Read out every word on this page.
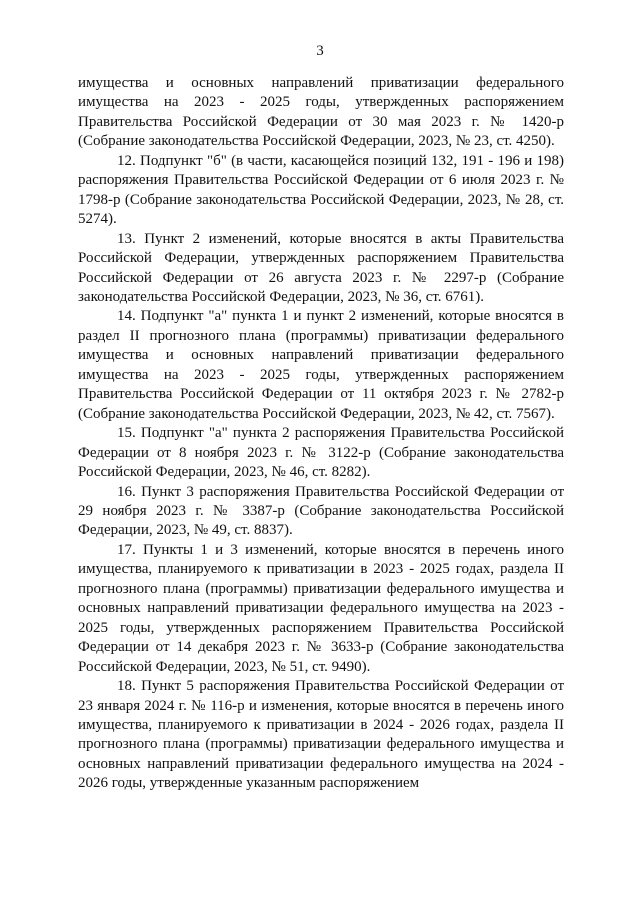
3

имущества и основных направлений приватизации федерального имущества на 2023 - 2025 годы, утвержденных распоряжением Правительства Российской Федерации от 30 мая 2023 г. № 1420-р (Собрание законодательства Российской Федерации, 2023, № 23, ст. 4250).

12. Подпункт "б" (в части, касающейся позиций 132, 191 - 196 и 198) распоряжения Правительства Российской Федерации от 6 июля 2023 г. № 1798-р (Собрание законодательства Российской Федерации, 2023, № 28, ст. 5274).

13. Пункт 2 изменений, которые вносятся в акты Правительства Российской Федерации, утвержденных распоряжением Правительства Российской Федерации от 26 августа 2023 г. № 2297-р (Собрание законодательства Российской Федерации, 2023, № 36, ст. 6761).

14. Подпункт "а" пункта 1 и пункт 2 изменений, которые вносятся в раздел II прогнозного плана (программы) приватизации федерального имущества и основных направлений приватизации федерального имущества на 2023 - 2025 годы, утвержденных распоряжением Правительства Российской Федерации от 11 октября 2023 г. № 2782-р (Собрание законодательства Российской Федерации, 2023, № 42, ст. 7567).

15. Подпункт "а" пункта 2 распоряжения Правительства Российской Федерации от 8 ноября 2023 г. № 3122-р (Собрание законодательства Российской Федерации, 2023, № 46, ст. 8282).

16. Пункт 3 распоряжения Правительства Российской Федерации от 29 ноября 2023 г. № 3387-р (Собрание законодательства Российской Федерации, 2023, № 49, ст. 8837).

17. Пункты 1 и 3 изменений, которые вносятся в перечень иного имущества, планируемого к приватизации в 2023 - 2025 годах, раздела II прогнозного плана (программы) приватизации федерального имущества и основных направлений приватизации федерального имущества на 2023 - 2025 годы, утвержденных распоряжением Правительства Российской Федерации от 14 декабря 2023 г. № 3633-р (Собрание законодательства Российской Федерации, 2023, № 51, ст. 9490).

18. Пункт 5 распоряжения Правительства Российской Федерации от 23 января 2024 г. № 116-р и изменения, которые вносятся в перечень иного имущества, планируемого к приватизации в 2024 - 2026 годах, раздела II прогнозного плана (программы) приватизации федерального имущества и основных направлений приватизации федерального имущества на 2024 - 2026 годы, утвержденные указанным распоряжением
